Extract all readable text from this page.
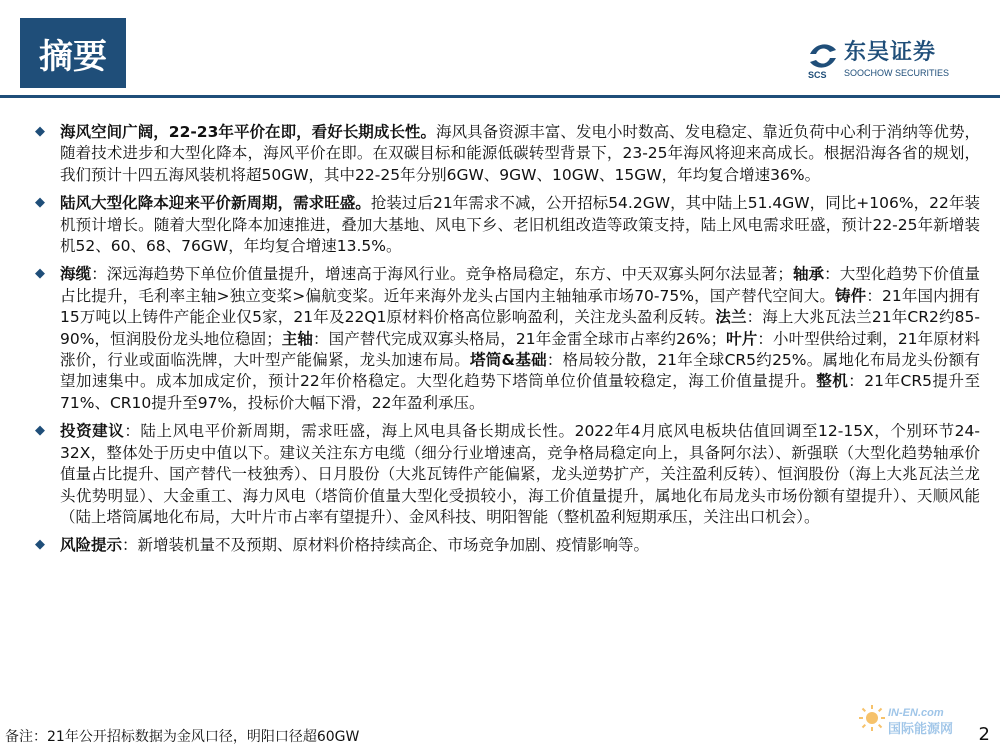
摘要	SCS
东吴证券
SOOCHOW SECURITIES
◆ 海风空间广阔，22-23年平价在即，看好长期成长性。海风具备资源丰富、发电小时数高、发电稳定、靠近负荷中心利于消纳等优势，随着技术进步和大型化降本，海风平价在即。在双碳目标和能源低碳转型背景下，23-25年海风将迎来高成长。根据沿海各省的规划，我们预计十四五海风装机将超50GW，其中22-25年分别6GW、9GW、10GW、15GW，年均复合增速36%。
◆ 陆风大型化降本迎来平价新周期，需求旺盛。抢装过后21年需求不减，公开招标54.2GW，其中陆上51.4GW，同比+106%，22年装机预计增长。随着大型化降本加速推进，叠加大基地、风电下乡、老旧机组改造等政策支持，陆上风电需求旺盛，预计22-25年新增装机52、60、68、76GW，年均复合增速13.5%。
◆ 海缆：深远海趋势下单位价值量提升，增速高于海风行业。竞争格局稳定，东方、中天双寡头阿尔法显著；轴承：大型化趋势下价值量占比提升，毛利率主轴>独立变桨>偏航变桨。近年来海外龙头占国内主轴轴承市场70-75%，国产替代空间大。铸件：21年国内拥有15万吨以上铸件产能企业仅5家，21年及22Q1原材料价格高位影响盈利，关注龙头盈利反转。法兰：海上大兆瓦法兰21年CR2约85-90%，恒润股份龙头地位稳固；主轴：国产替代完成双寡头格局，21年金雷全球市占率约26%；叶片：小叶型供给过剩，21年原材料涨价，行业或面临洗牌，大叶型产能偏紧，龙头加速布局。塔筒&基础：格局较分散，21年全球CR5约25%。属地化布局龙头份额有望加速集中。成本加成定价，预计22年价格稳定。大型化趋势下塔筒单位价值量较稳定，海工价值量提升。整机：21年CR5提升至71%、CR10提升至97%，投标价大幅下滑，22年盈利承压。
◆ 投资建议：陆上风电平价新周期，需求旺盛，海上风电具备长期成长性。2022年4月底风电板块估值回调至12-15X，个别环节24-32X，整体处于历史中值以下。建议关注东方电缆（细分行业增速高，竞争格局稳定向上，具备阿尔法）、新强联（大型化趋势轴承价值量占比提升、国产替代一枝独秀）、日月股份（大兆瓦铸件产能偏紧，龙头逆势扩产，关注盈利反转）、恒润股份（海上大兆瓦法兰龙头优势明显）、大金重工、海力风电（塔筒价值量大型化受损较小，海工价值量提升，属地化布局龙头市场份额有望提升）、天顺风能（陆上塔筒属地化布局，大叶片市占率有望提升）、金风科技、明阳智能（整机盈利短期承压，关注出口机会）。
◆ 风险提示：新增装机量不及预期、原材料价格持续高企、市场竞争加剧、疫情影响等。
备注：21年公开招标数据为金风口径，明阳口径超60GW
IN-EN.com
国际能源网	2
